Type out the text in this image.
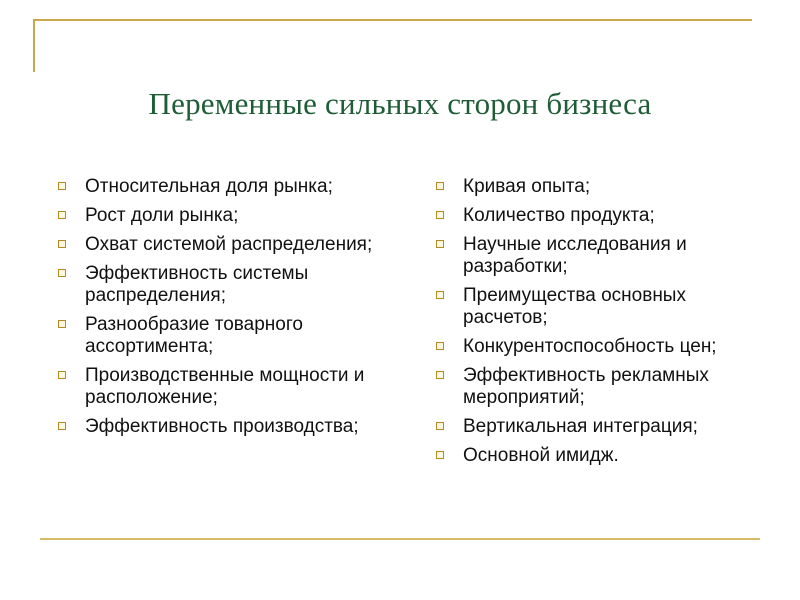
Переменные сильных сторон бизнеса
Относительная доля рынка;
Рост доли рынка;
Охват системой распределения;
Эффективность системы распределения;
Разнообразие товарного ассортимента;
Производственные мощности и расположение;
Эффективность производства;
Кривая опыта;
Количество продукта;
Научные исследования и разработки;
Преимущества основных расчетов;
Конкурентоспособность цен;
Эффективность рекламных мероприятий;
Вертикальная интеграция;
Основной имидж.
